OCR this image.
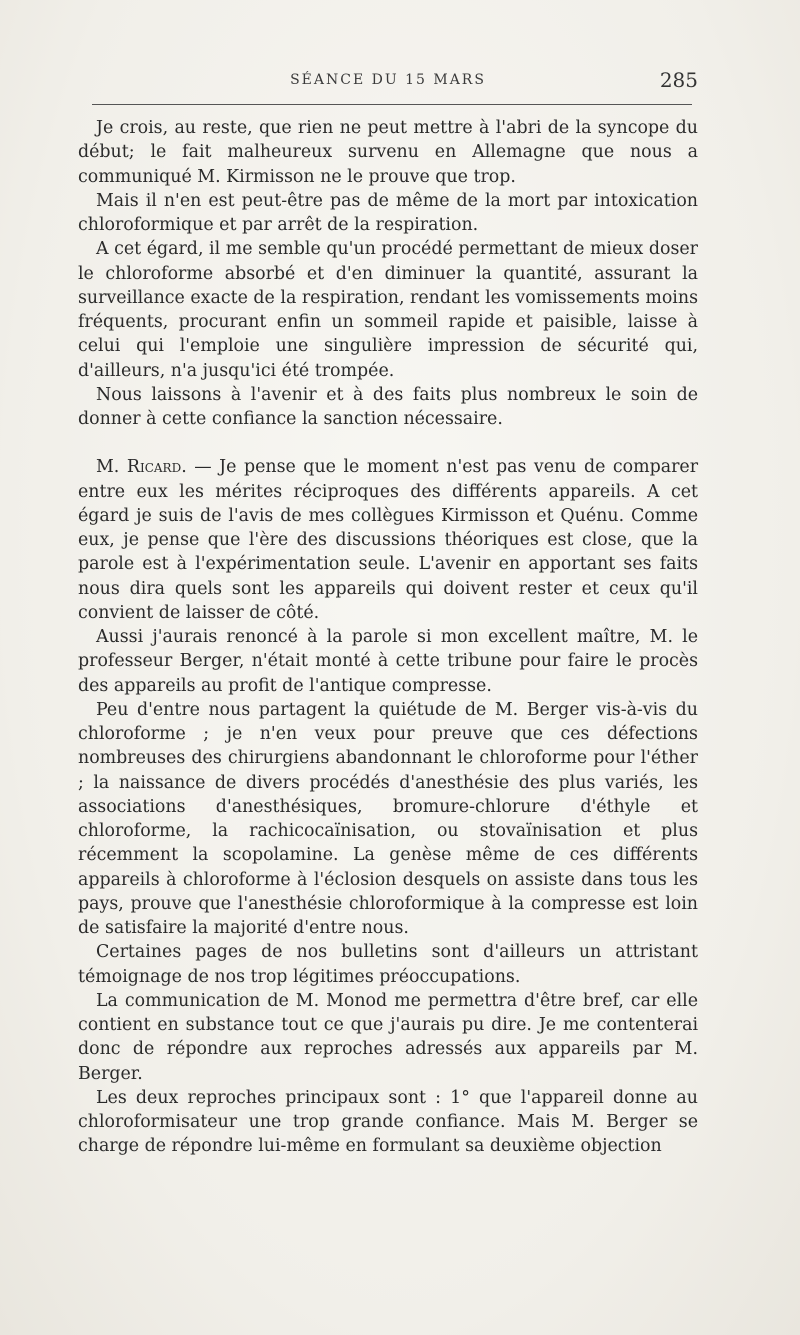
SÉANCE DU 15 MARS	285

Je crois, au reste, que rien ne peut mettre à l'abri de la syncope du début; le fait malheureux survenu en Allemagne que nous a communiqué M. Kirmisson ne le prouve que trop.

Mais il n'en est peut-être pas de même de la mort par intoxication chloroformique et par arrêt de la respiration.

A cet égard, il me semble qu'un procédé permettant de mieux doser le chloroforme absorbé et d'en diminuer la quantité, assurant la surveillance exacte de la respiration, rendant les vomissements moins fréquents, procurant enfin un sommeil rapide et paisible, laisse à celui qui l'emploie une singulière impression de sécurité qui, d'ailleurs, n'a jusqu'ici été trompée.

Nous laissons à l'avenir et à des faits plus nombreux le soin de donner à cette confiance la sanction nécessaire.

M. Ricard. — Je pense que le moment n'est pas venu de comparer entre eux les mérites réciproques des différents appareils. A cet égard je suis de l'avis de mes collègues Kirmisson et Quénu. Comme eux, je pense que l'ère des discussions théoriques est close, que la parole est à l'expérimentation seule. L'avenir en apportant ses faits nous dira quels sont les appareils qui doivent rester et ceux qu'il convient de laisser de côté.

Aussi j'aurais renoncé à la parole si mon excellent maître, M. le professeur Berger, n'était monté à cette tribune pour faire le procès des appareils au profit de l'antique compresse.

Peu d'entre nous partagent la quiétude de M. Berger vis-à-vis du chloroforme ; je n'en veux pour preuve que ces défections nombreuses des chirurgiens abandonnant le chloroforme pour l'éther ; la naissance de divers procédés d'anesthésie des plus variés, les associations d'anesthésiques, bromure-chlorure d'éthyle et chloroforme, la rachicocaïnisation, ou stovaïnisation et plus récemment la scopolamine. La genèse même de ces différents appareils à chloroforme à l'éclosion desquels on assiste dans tous les pays, prouve que l'anesthésie chloroformique à la compresse est loin de satisfaire la majorité d'entre nous.

Certaines pages de nos bulletins sont d'ailleurs un attristant témoignage de nos trop légitimes préoccupations.

La communication de M. Monod me permettra d'être bref, car elle contient en substance tout ce que j'aurais pu dire. Je me contenterai donc de répondre aux reproches adressés aux appareils par M. Berger.

Les deux reproches principaux sont : 1° que l'appareil donne au chloroformisateur une trop grande confiance. Mais M. Berger se charge de répondre lui-même en formulant sa deuxième objection
